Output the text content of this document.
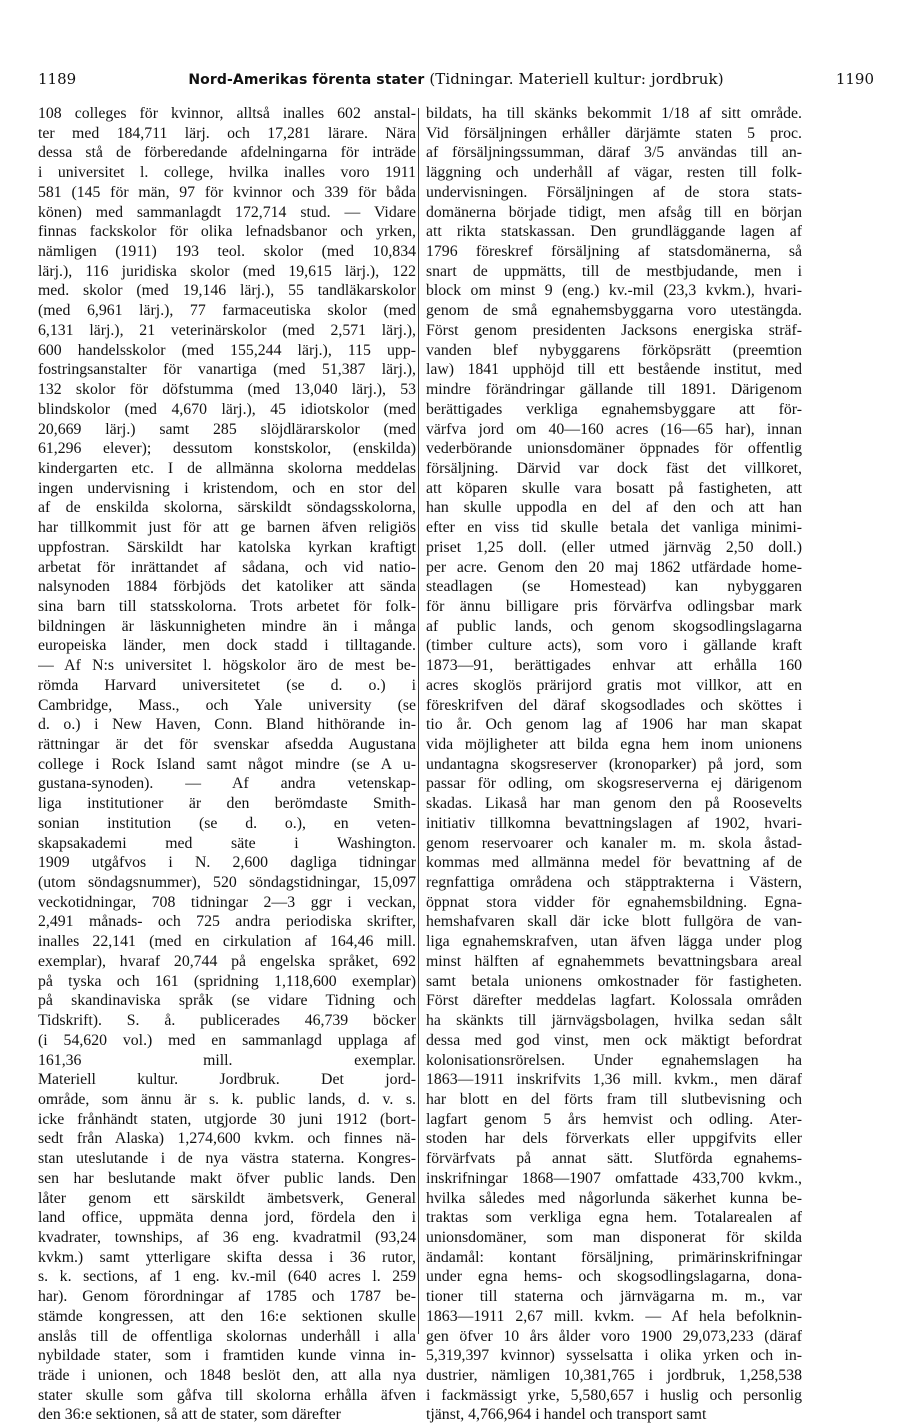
1189	Nord-Amerikas förenta stater (Tidningar. Materiell kultur: jordbruk)	1190
108 colleges för kvinnor, alltså inalles 602 anstal-
ter med 184,711 lärj. och 17,281 lärare. Nära
dessa stå de förberedande afdelningarna för inträde
i universitet l. college, hvilka inalles voro 1911
581 (145 för män, 97 för kvinnor och 339 för båda
könen) med sammanlagdt 172,714 stud. — Vidare
finnas fackskolor för olika lefnadsbanor och yrken,
nämligen (1911) 193 teol. skolor (med 10,834
lärj.), 116 juridiska skolor (med 19,615 lärj.), 122
med. skolor (med 19,146 lärj.), 55 tandläkarskolor
(med 6,961 lärj.), 77 farmaceutiska skolor (med
6,131 lärj.), 21 veterinärskolor (med 2,571 lärj.),
600 handelsskolor (med 155,244 lärj.), 115 upp-
fostringsanstalter för vanartiga (med 51,387 lärj.),
132 skolor för döfstumma (med 13,040 lärj.), 53
blindskolor (med 4,670 lärj.), 45 idiotskolor (med
20,669 lärj.) samt 285 slöjdlärarskolor (med
61,296 elever); dessutom konstskolor, (enskilda)
kindergarten etc. I de allmänna skolorna meddelas
ingen undervisning i kristendom, och en stor del
af de enskilda skolorna, särskildt söndagsskolorna,
har tillkommit just för att ge barnen äfven religiös
uppfostran. Särskildt har katolska kyrkan kraftigt
arbetat för inrättandet af sådana, och vid natio-
nalsynoden 1884 förbjöds det katoliker att sända
sina barn till statsskolorna. Trots arbetet för folk-
bildningen är läskunnigheten mindre än i många
europeiska länder, men dock stadd i tilltagande.
— Af N:s universitet l. högskolor äro de mest be-
römda Harvard universitetet (se d. o.) i
Cambridge, Mass., och Yale university (se
d. o.) i New Haven, Conn. Bland hithörande in-
rättningar är det för svenskar afsedda Augustana
college i Rock Island samt något mindre (se A u-
gustana-synoden). — Af andra vetenskap-
liga institutioner är den berömdaste Smith-
sonian institution (se d. o.), en veten-
skapsakademi med säte i Washington.
1909 utgåfvos i N. 2,600 dagliga tidningar
(utom söndagsnummer), 520 söndagstidningar, 15,097
veckotidningar, 708 tidningar 2—3 ggr i veckan,
2,491 månads- och 725 andra periodiska skrifter,
inalles 22,141 (med en cirkulation af 164,46 mill.
exemplar), hvaraf 20,744 på engelska språket, 692
på tyska och 161 (spridning 1,118,600 exemplar)
på skandinaviska språk (se vidare Tidning och
Tidskrift). S. å. publicerades 46,739 böcker
(i 54,620 vol.) med en sammanlagd upplaga af
161,36 mill. exemplar.
Materiell kultur. Jordbruk. Det jord-
område, som ännu är s. k. public lands, d. v. s.
icke frånhändt staten, utgjorde 30 juni 1912 (bort-
sedt från Alaska) 1,274,600 kvkm. och finnes nä-
stan uteslutande i de nya västra staterna. Kongres-
sen har beslutande makt öfver public lands. Den
låter genom ett särskildt ämbetsverk, General
land office, uppmäta denna jord, fördela den i
kvadrater, townships, af 36 eng. kvadratmil (93,24
kvkm.) samt ytterligare skifta dessa i 36 rutor,
s. k. sections, af 1 eng. kv.-mil (640 acres l. 259
har). Genom förordningar af 1785 och 1787 be-
stämde kongressen, att den 16:e sektionen skulle
anslås till de offentliga skolornas underhåll i alla
nybildade stater, som i framtiden kunde vinna in-
träde i unionen, och 1848 beslöt den, att alla nya
stater skulle som gåfva till skolorna erhålla äfven
den 36:e sektionen, så att de stater, som därefter
bildats, ha till skänks bekommit 1/18 af sitt område.
Vid försäljningen erhåller därjämte staten 5 proc.
af försäljningssumman, däraf 3/5 användas till an-
läggning och underhåll af vägar, resten till folk-
undervisningen. Försäljningen af de stora stats-
domänerna började tidigt, men afsåg till en början
att rikta statskassan. Den grundläggande lagen af
1796 föreskref försäljning af statsdomänerna, så
snart de uppmätts, till de mestbjudande, men i
block om minst 9 (eng.) kv.-mil (23,3 kvkm.), hvari-
genom de små egnahemsbyggarna voro utestängda.
Först genom presidenten Jacksons energiska sträf-
vanden blef nybyggarens förköpsrätt (preemtion
law) 1841 upphöjd till ett bestående institut, med
mindre förändringar gällande till 1891. Därigenom
berättigades verkliga egnahemsbyggare att för-
värfva jord om 40—160 acres (16—65 har), innan
vederbörande unionsdomäner öppnades för offentlig
försäljning. Därvid var dock fäst det villkoret,
att köparen skulle vara bosatt på fastigheten, att
han skulle uppodla en del af den och att han
efter en viss tid skulle betala det vanliga minimi-
priset 1,25 doll. (eller utmed järnväg 2,50 doll.)
per acre. Genom den 20 maj 1862 utfärdade home-
steadlagen (se Homestead) kan nybyggaren
för ännu billigare pris förvärfva odlingsbar mark
af public lands, och genom skogsodlingslagarna
(timber culture acts), som voro i gällande kraft
1873—91, berättigades enhvar att erhålla 160
acres skoglös prärijord gratis mot villkor, att en
föreskrifven del däraf skogsodlades och sköttes i
tio år. Och genom lag af 1906 har man skapat
vida möjligheter att bilda egna hem inom unionens
undantagna skogsreserver (kronoparker) på jord, som
passar för odling, om skogsreserverna ej därigenom
skadas. Likaså har man genom den på Roosevelts
initiativ tillkomna bevattningslagen af 1902, hvari-
genom reservoarer och kanaler m. m. skola åstad-
kommas med allmänna medel för bevattning af de
regnfattiga områdena och stäpptrakterna i Västern,
öppnat stora vidder för egnahemsbildning. Egna-
hemshafvaren skall där icke blott fullgöra de van-
liga egnahemskrafven, utan äfven lägga under plog
minst hälften af egnahemmets bevattningsbara areal
samt betala unionens omkostnader för fastigheten.
Först därefter meddelas lagfart. Kolossala områden
ha skänkts till järnvägsbolagen, hvilka sedan sålt
dessa med god vinst, men ock mäktigt befordrat
kolonisationsrörelsen. Under egnahemslagen ha
1863—1911 inskrifvits 1,36 mill. kvkm., men däraf
har blott en del förts fram till slutbevisning och
lagfart genom 5 års hemvist och odling. Ater-
stoden har dels förverkats eller uppgifvits eller
förvärfvats på annat sätt. Slutförda egnahems-
inskrifningar 1868—1907 omfattade 433,700 kvkm.,
hvilka således med någorlunda säkerhet kunna be-
traktas som verkliga egna hem. Totalarealen af
unionsdomäner, som man disponerat för skilda
ändamål: kontant försäljning, primärinskrifningar
under egna hems- och skogsodlingslagarna, dona-
tioner till staterna och järnvägarna m. m., var
1863—1911 2,67 mill. kvkm. — Af hela befolknin-
gen öfver 10 års ålder voro 1900 29,073,233 (däraf
5,319,397 kvinnor) sysselsatta i olika yrken och in-
dustrier, nämligen 10,381,765 i jordbruk, 1,258,538
i fackmässigt yrke, 5,580,657 i huslig och personlig
tjänst, 4,766,964 i handel och transport samt
